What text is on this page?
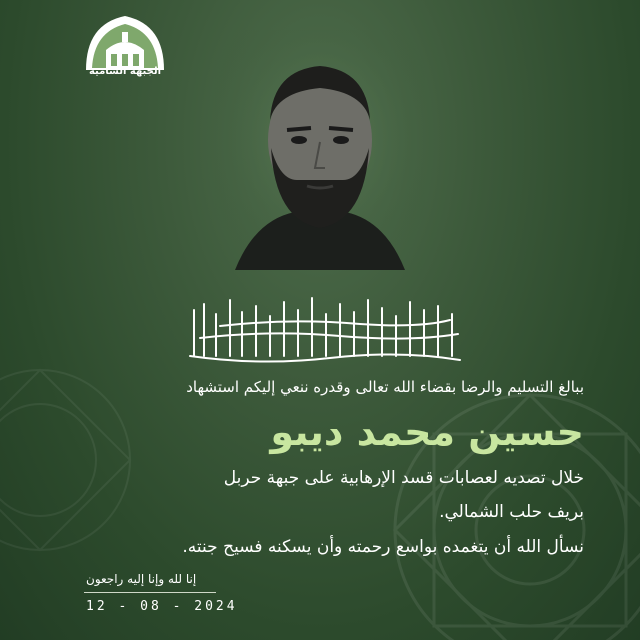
الجبهة الشامية
ببالغ التسليم والرضا بقضاء الله تعالى وقدره ننعي إليكم استشهاد
حسين محمد ديبو
خلال تصديه لعصابات قسد الإرهابية على جبهة حربل
بريف حلب الشمالي.
نسأل الله أن يتغمده بواسع رحمته وأن يسكنه فسيح جنته.
إنا لله وإنا إليه راجعون
12 - 08 - 2024
